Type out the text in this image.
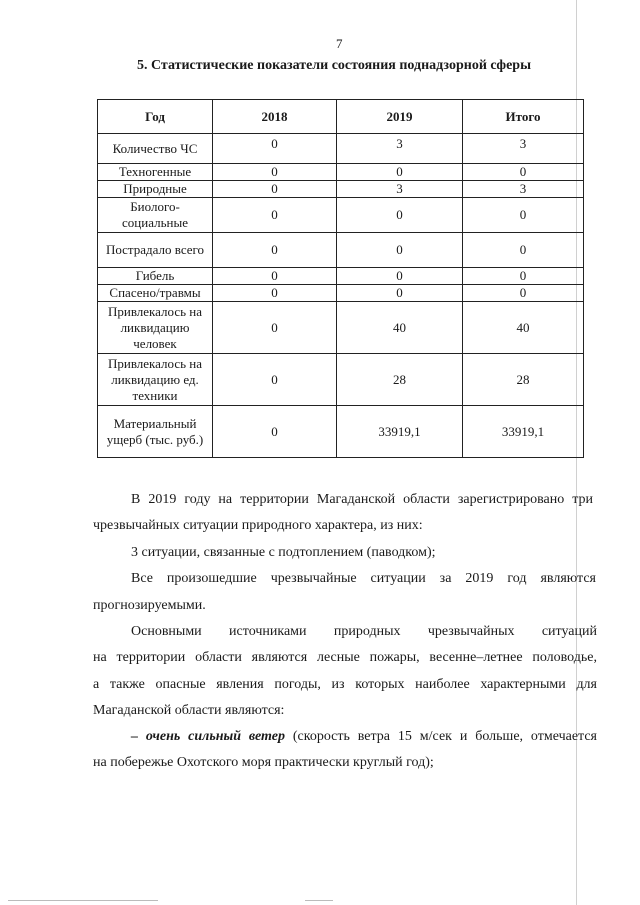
7
5. Статистические показатели состояния поднадзорной сферы
Год	2018	2019	Итого
Количество ЧС	0	3	3
Техногенные	0	0	0
Природные	0	3	3
Биолого-социальные	0	0	0
Пострадало всего	0	0	0
Гибель	0	0	0
Спасено/травмы	0	0	0
Привлекалось на ликвидацию человек	0	40	40
Привлекалось на ликвидацию ед. техники	0	28	28
Материальный ущерб (тыс. руб.)	0	33919,1	33919,1
В 2019 году на территории Магаданской области зарегистрировано три
чрезвычайных ситуации природного характера, из них:
3 ситуации, связанные с подтоплением (паводком);
Все произошедшие чрезвычайные ситуации за 2019 год являются
прогнозируемыми.
Основными источниками природных чрезвычайных ситуаций
на территории области являются лесные пожары, весенне–летнее половодье,
а также опасные явления погоды, из которых наиболее характерными для
Магаданской области являются:
– очень сильный ветер (скорость ветра 15 м/сек и больше, отмечается
на побережье Охотского моря практически круглый год);
